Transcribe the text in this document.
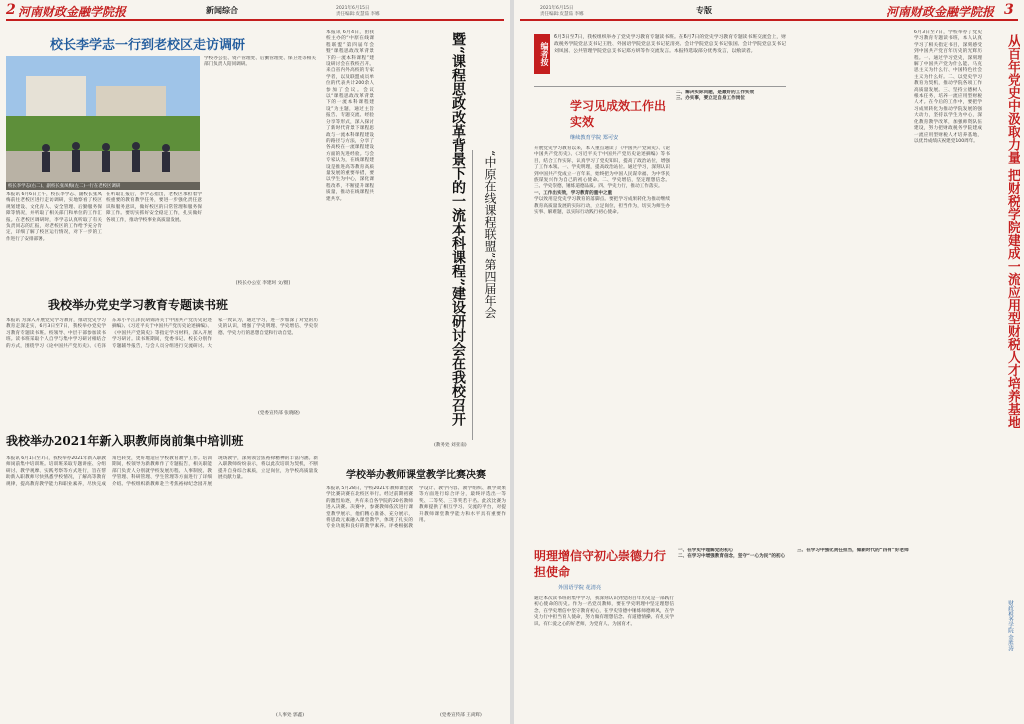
2 河南财政金融学院报	新闻综合	2021年6月15日
责任编辑:皮慧茹 李娜
校长李学志一行到老校区走访调研
校长李学志(右二)、副校长张凤梅(左二)一行在老校区调研
本报讯 6月6日上午，校长李学志、副校长张凤梅前往老校区进行走访调研，实地察看了校区规划建设、文化育人、安全管理、后勤服务保障等情况，并听取了相关部门和单位的工作汇报。在老校区调研时，李学志认真听取了有关负责同志的汇报，对老校区的工作给予充分肯定，详细了解了校区运行情况，对下一步的工作进行了安排部署。
在听取汇报后，李学志指出，老校区承担着学校重要的教育教学任务，要进一步强化责任意识和服务意识，做好校区的日常管理和服务保障工作。要切实抓好安全稳定工作，扎实做好各项工作，推动学校事业高质量发展。
学校办公室、资产管理处、后勤管理处、保卫处等相关部门负责人陪同调研。
[校长办公室 李建珂 文/摄]
我校举办党史学习教育专题读书班
本报讯 为深入开展党史学习教育，推动党史学习教育走深走实，6月3日至7日，我校举办党史学习教育专题读书班。校领导、中层干部参加读书班。读书班采取个人自学与集中学习研讨相结合的方式，围绕学习《论中国共产党历史》、《毛泽东邓小平江泽民胡锦涛关于中国共产党历史论述摘编》、《习近平关于中国共产党历史论述摘编》、《中国共产党简史》等指定学习材料，深入开展学习研讨。读书班期间，党委书记、校长分别作专题辅导报告，与会人员分组进行交流研讨。大家一致认为，通过学习，进一步加深了对党的历史的认识，增强了学史明理、学史增信、学史崇德、学史力行的思想自觉和行动自觉。
(党委宣传部 张晓晓)
我校举办2021年新入职教师岗前集中培训班
本报讯 6月1日至7日，我校举办2021年新入职教师岗前集中培训班。培训班采取专题讲座、分组研讨、教学观摩、实践考察等方式进行，旨在帮助新入职教师尽快熟悉学校情况，了解高等教育规律，提高教育教学能力和职业素养，尽快完成角色转变，更好地适应学校教育教学工作。培训期间，校领导为新教师作了专题报告，相关职能部门负责人分别就学校发展历程、人事制度、教学管理、科研管理、学生管理等方面进行了详细介绍。学校组织新教师赴兰考焦裕禄纪念园开展现场教学，深刻领会焦裕禄精神的丰富内涵。新入职教师纷纷表示，将以此次培训为契机，不断提升自身综合素质，立足岗位，为学校高质量发展贡献力量。
(人事处 郭鑫)
本报讯 6月4日，由我校主办的“中原在线课程联盟”第四届年会暨“课程思政改革背景下的一流本科课程”建设研讨会在我校召开。来自省内外高校的专家学者，以及联盟成员单位的代表共计200余人参加了会议。会议以“课程思政改革背景下的一流本科课程建设”为主题，通过主旨报告、专题交流、经验分享等形式，深入探讨了新时代背景下课程思政与一流本科课程建设的路径与方法，分享了各高校在一流课程建设方面的先进经验。与会专家认为，在线课程建设是推进高等教育高质量发展的重要举措，要以学生为中心，深化课程改革，不断提升课程质量，推动在线课程共建共享。	暨“课程思政改革背景下的一流本科课程”建设研讨会在我校召开	“中原在线课程联盟”第四届年会
(教务处 刘亚南)
学校举办教师课堂教学比赛决赛
本报讯 5月28日，学校2021年教师课堂教学比赛决赛在北校区举行。经过前期初赛的激烈角逐，共有来自各学院的20名教师进入决赛。决赛中，参赛教师依次进行课堂教学展示，他们精心准备、充分展示，将思政元素融入课堂教学，体现了扎实的专业功底和良好的教学素养。评委根据教学设计、教学内容、教学组织、教学效果等方面进行综合评分，最终评选出一等奖、二等奖、三等奖若干名。此次比赛为教师提供了相互学习、交流的平台，对提升教师课堂教学能力和水平具有重要作用。
(党委宣传部 王尚辉)
2021年6月15日
责任编辑:皮慧茹 李娜	专版	河南财政金融学院报 3
编者按
6月3日至7日，我校组织举办了党史学习教育专题读书班。在6月7日的党史学习教育专题读书班交流会上，财政税务学院党总支书记王胜、外国语学院党总支书记花清亮、会计学院党总支书记张国、会计学院党总支书记刘凤国、公共管理学院党总支书记郑方妍等作交流发言。本报特选取部分优秀发言，以飨读者。
学习见成效工作出实效
继续教育学院 郑可安
开展党史学习教育以来，本人重点通读了《中国共产党简史》、《论中国共产党历史》、《习近平关于中国共产党历史论述摘编》等书目，结合工作实际，认真学习了党史知识，提高了政治站位，增强了工作本领。一、学史明理，提高政治站位。通过学习，深刻认识到中国共产党成立一百年来，始终把为中国人民谋幸福、为中华民族谋复兴作为自己的初心使命。二、学史增信，坚定理想信念。三、学史崇德，锤炼道德品质。四、学史力行，推动工作落实。
一、工作出实效，学习教育的重中之重
学以致用是党史学习教育的落脚点。要把学习成果转化为推动继续教育高质量发展的实际行动，立足岗位，担当作为，切实为师生办实事、解难题，以实际行动践行初心使命。
二、解决实际问题，是最好的工作实效
三、办实事，要立足自身工作岗位
明理增信守初心崇德力行担使命
外国语学院 花清亮
通过本次读书班的集中学习，我深刻认识到党的百年历史是一部践行初心使命的历史。作为一名党员教师，要在学史明理中坚定理想信念，在学史增信中坚守教育初心，在学史崇德中锤炼师德师风，在学史力行中担当育人使命，努力做有理想信念、有道德情操、有扎实学识、有仁爱之心的好老师，为党育人、为国育才。
一、在学史中理解党的初心
二、在学习中增强教育信念，坚守“一心为民”的初心
三、在学习中强化责任担当，做新时代的“四有”好老师
6月3日至7日，学校举办了党史学习教育专题读书班，本人认真学习了相关指定书目，深刻感受到中国共产党百年历史的光辉历程。一、通过学习党史，深刻理解了中国共产党为什么能、马克思主义为什么行、中国特色社会主义为什么好。二、以党史学习教育为契机，推动学院各项工作高质量发展。三、坚持立德树人根本任务，培养一流应用型财税人才。在今后的工作中，要把学习成果转化为推动学院发展的强大动力，坚持以学生为中心，深化教育教学改革，加强师资队伍建设，努力把财政税务学院建成一流应用型财税人才培养基地，以优异成绩庆祝建党100周年。	从百年党史中汲取力量 把财税学院建成一流应用型财税人才培养基地
财政税务学院 金胜涛
